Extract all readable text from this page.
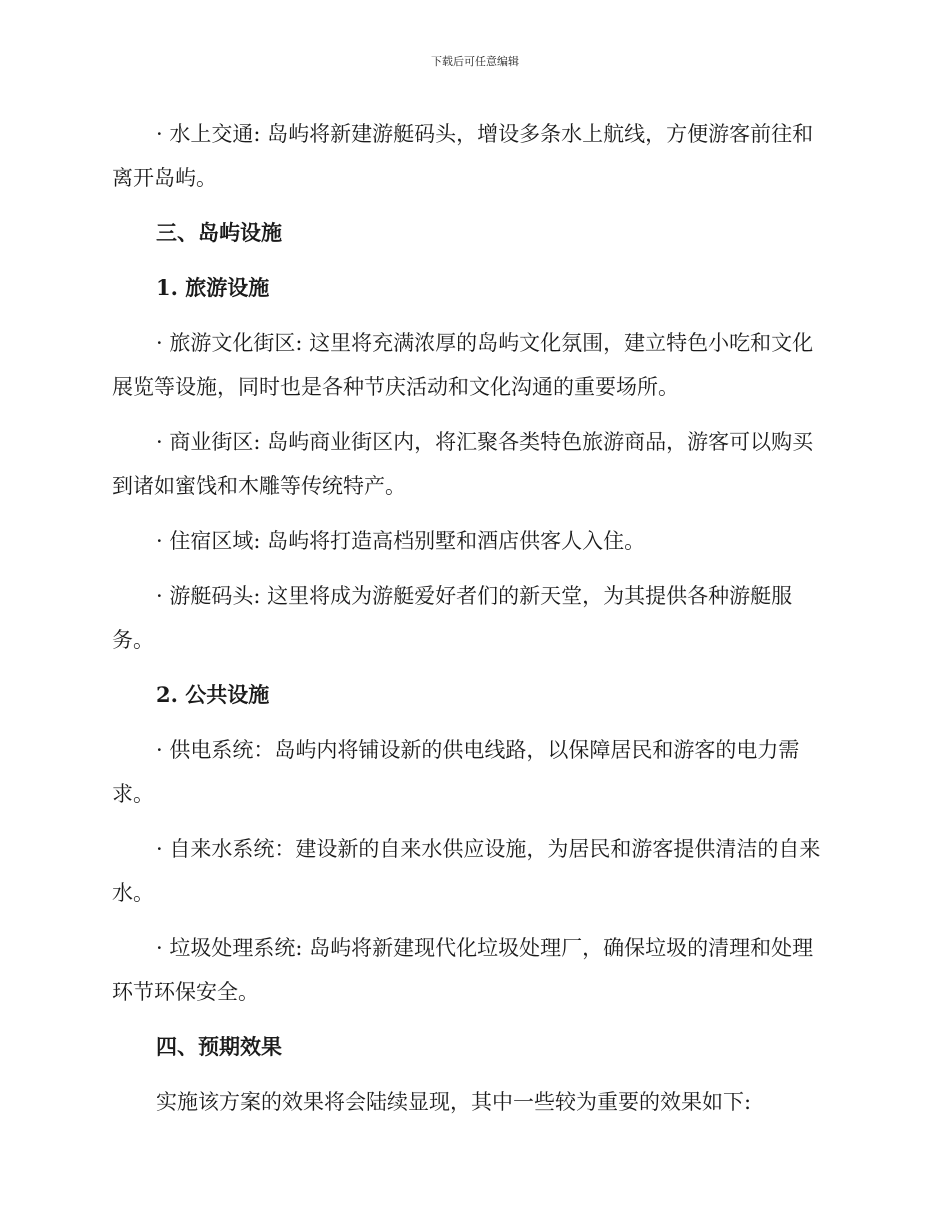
下载后可任意编辑

· 水上交通: 岛屿将新建游艇码头，增设多条水上航线，方便游客前往和离开岛屿。

三、岛屿设施

1. 旅游设施

· 旅游文化街区: 这里将充满浓厚的岛屿文化氛围，建立特色小吃和文化展览等设施，同时也是各种节庆活动和文化沟通的重要场所。

· 商业街区: 岛屿商业街区内，将汇聚各类特色旅游商品，游客可以购买到诸如蜜饯和木雕等传统特产。

· 住宿区域: 岛屿将打造高档别墅和酒店供客人入住。

· 游艇码头: 这里将成为游艇爱好者们的新天堂，为其提供各种游艇服务。

2. 公共设施

· 供电系统：岛屿内将铺设新的供电线路，以保障居民和游客的电力需求。

· 自来水系统：建设新的自来水供应设施，为居民和游客提供清洁的自来水。

· 垃圾处理系统: 岛屿将新建现代化垃圾处理厂，确保垃圾的清理和处理环节环保安全。

四、预期效果

实施该方案的效果将会陆续显现，其中一些较为重要的效果如下:
